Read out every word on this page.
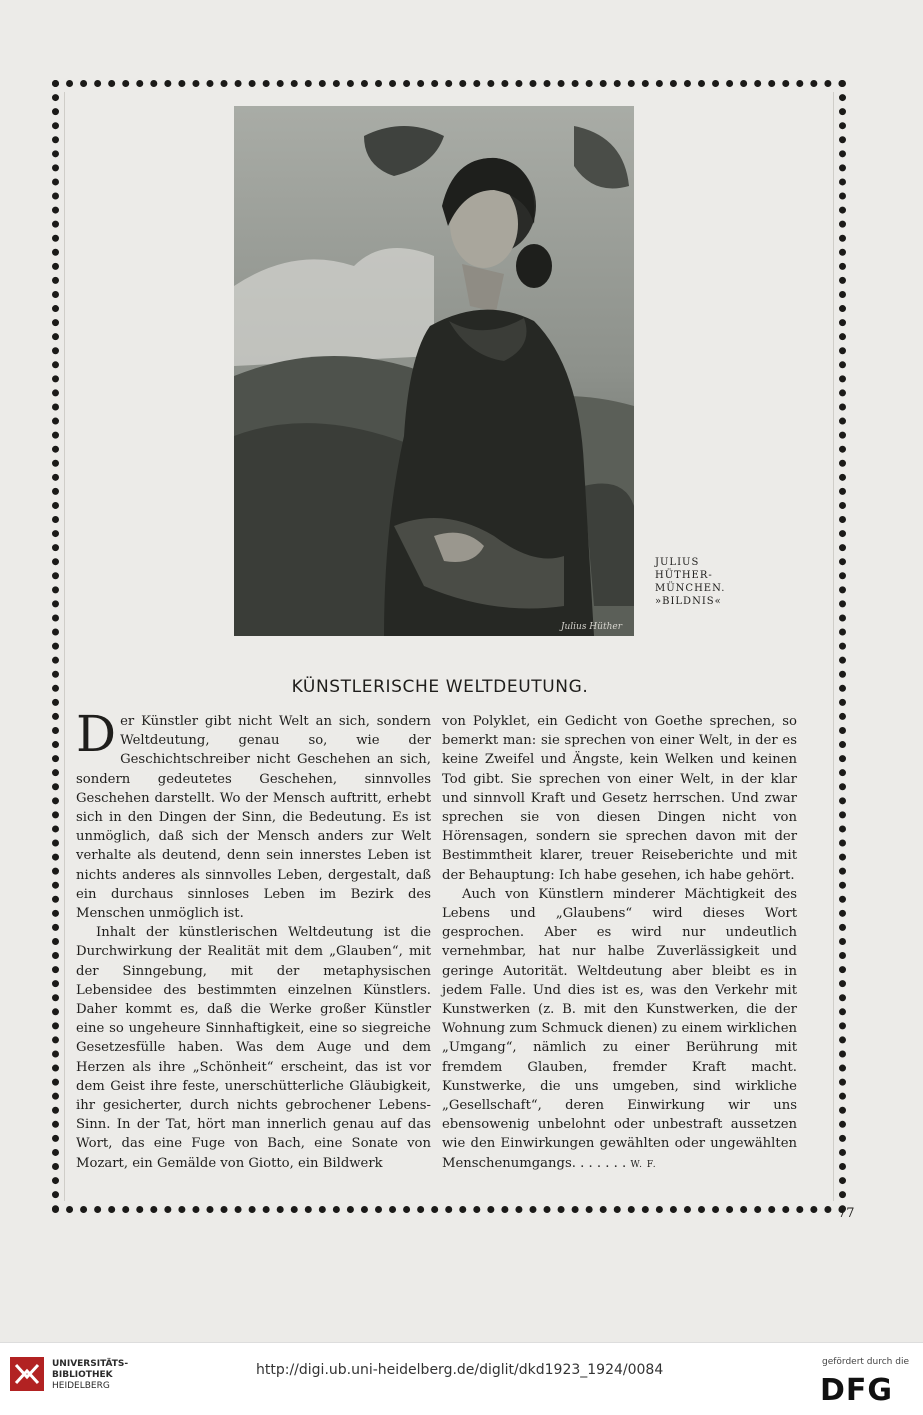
Julius Hüther
JULIUS
HÜTHER-
MÜNCHEN.
»BILDNIS«
KÜNSTLERISCHE WELTDEUTUNG.

Der Künstler gibt nicht Welt an sich, sondern Weltdeutung, genau so, wie der Geschichtschreiber nicht Geschehen an sich, sondern gedeutetes Geschehen, sinnvolles Geschehen darstellt. Wo der Mensch auftritt, erhebt sich in den Dingen der Sinn, die Bedeutung. Es ist unmöglich, daß sich der Mensch anders zur Welt verhalte als deutend, denn sein innerstes Leben ist nichts anderes als sinnvolles Leben, dergestalt, daß ein durchaus sinnloses Leben im Bezirk des Menschen unmöglich ist.

Inhalt der künstlerischen Weltdeutung ist die Durchwirkung der Realität mit dem „Glauben“, mit der Sinngebung, mit der metaphysischen Lebensidee des bestimmten einzelnen Künstlers. Daher kommt es, daß die Werke großer Künstler eine so ungeheure Sinnhaftigkeit, eine so siegreiche Gesetzesfülle haben. Was dem Auge und dem Herzen als ihre „Schönheit“ erscheint, das ist vor dem Geist ihre feste, unerschütterliche Gläubigkeit, ihr gesicherter, durch nichts gebrochener Lebens-Sinn. In der Tat, hört man innerlich genau auf das Wort, das eine Fuge von Bach, eine Sonate von Mozart, ein Gemälde von Giotto, ein Bildwerk

von Polyklet, ein Gedicht von Goethe sprechen, so bemerkt man: sie sprechen von einer Welt, in der es keine Zweifel und Ängste, kein Welken und keinen Tod gibt. Sie sprechen von einer Welt, in der klar und sinnvoll Kraft und Gesetz herrschen. Und zwar sprechen sie von diesen Dingen nicht von Hörensagen, sondern sie sprechen davon mit der Bestimmtheit klarer, treuer Reiseberichte und mit der Behauptung: Ich habe gesehen, ich habe gehört.

Auch von Künstlern minderer Mächtigkeit des Lebens und „Glaubens“ wird dieses Wort gesprochen. Aber es wird nur undeutlich vernehmbar, hat nur halbe Zuverlässigkeit und geringe Autorität. Weltdeutung aber bleibt es in jedem Falle. Und dies ist es, was den Verkehr mit Kunstwerken (z. B. mit den Kunstwerken, die der Wohnung zum Schmuck dienen) zu einem wirklichen „Umgang“, nämlich zu einer Berührung mit fremdem Glauben, fremder Kraft macht. Kunstwerke, die uns umgeben, sind wirkliche „Gesellschaft“, deren Einwirkung wir uns ebensowenig unbelohnt oder unbestraft aussetzen wie den Einwirkungen gewählten oder ungewählten Menschenumgangs. . . . . . . W. F.

77
UNIVERSITÄTS-
BIBLIOTHEK
HEIDELBERG
http://digi.ub.uni-heidelberg.de/diglit/dkd1923_1924/0084	gefördert durch die
DFG
